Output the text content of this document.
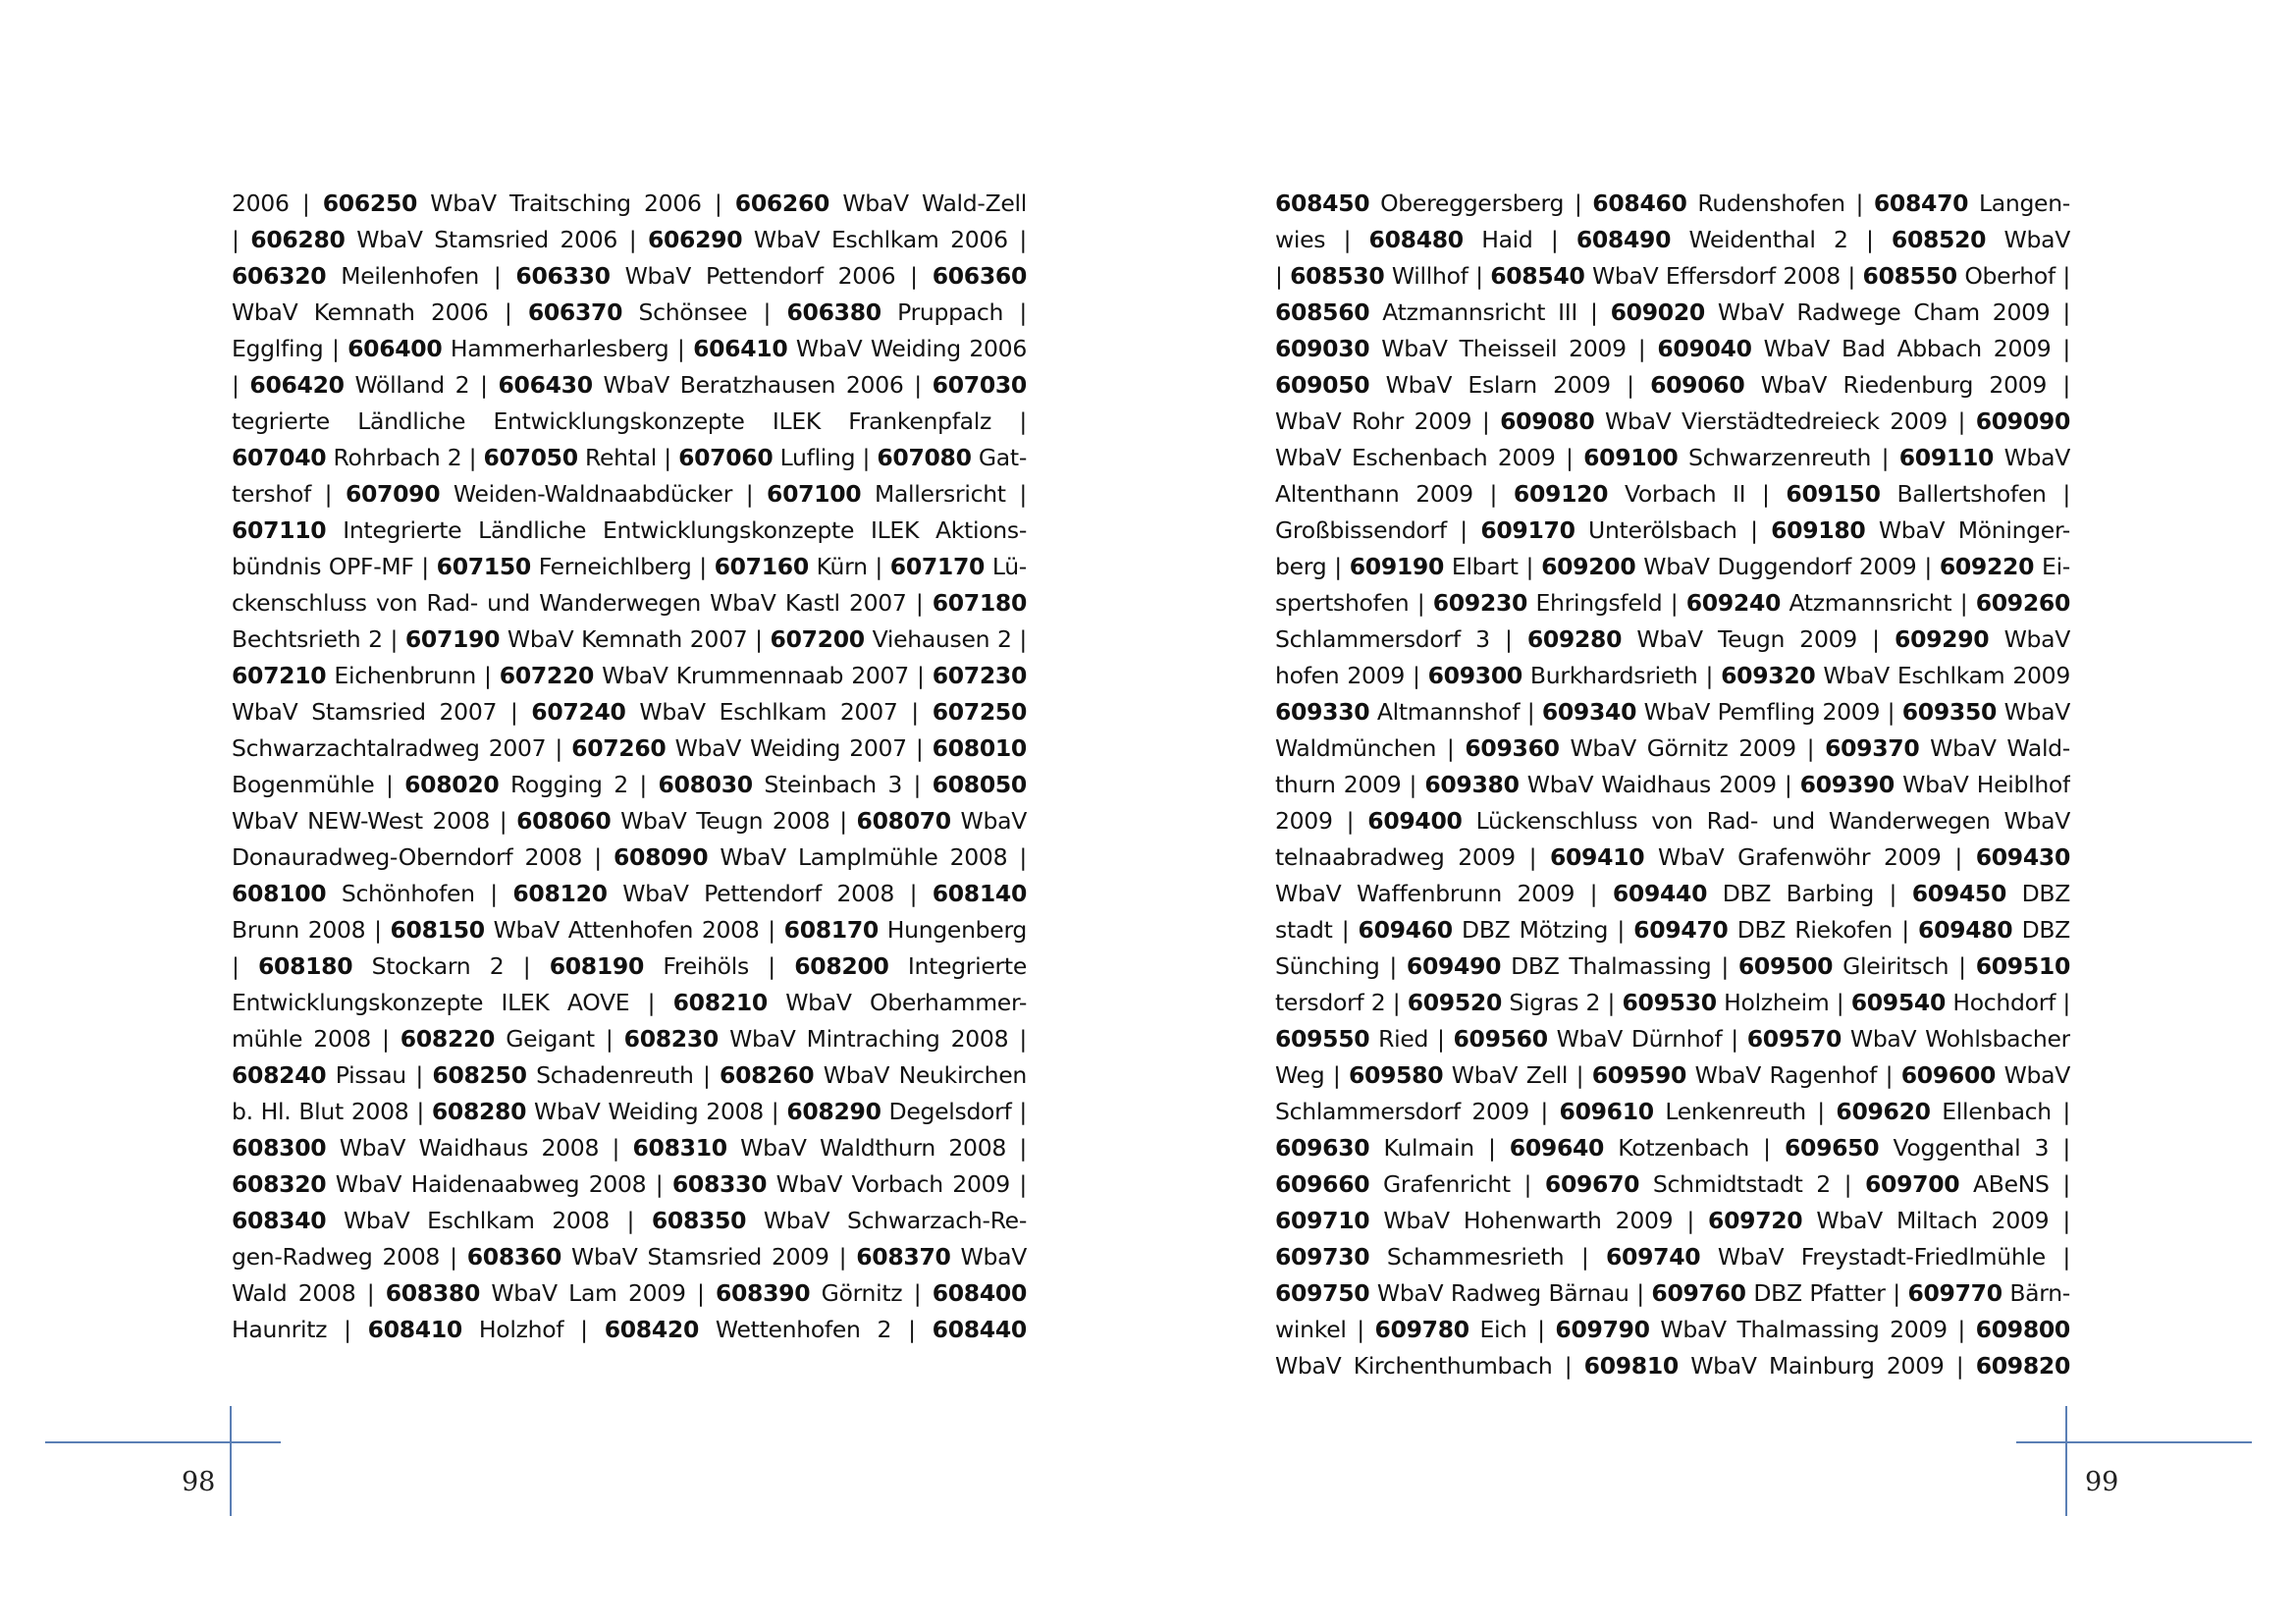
2006 | 606250 WbaV Traitsching 2006 | 606260 WbaV Wald-Zell
| 606280 WbaV Stamsried 2006 | 606290 WbaV Eschlkam 2006 |
606320 Meilenhofen | 606330 WbaV Pettendorf 2006 | 606360
WbaV Kemnath 2006 | 606370 Schönsee | 606380 Pruppach |
Egglfing | 606400 Hammerharlesberg | 606410 WbaV Weiding 2006
| 606420 Wölland 2 | 606430 WbaV Beratzhausen 2006 | 607030
tegrierte Ländliche Entwicklungskonzepte ILEK Frankenpfalz |
607040 Rohrbach 2 | 607050 Rehtal | 607060 Lufling | 607080 Gat-
tershof | 607090 Weiden-Waldnaabdücker | 607100 Mallersricht |
607110 Integrierte Ländliche Entwicklungskonzepte ILEK Aktions-
bündnis OPF-MF | 607150 Ferneichlberg | 607160 Kürn | 607170 Lü-
ckenschluss von Rad- und Wanderwegen WbaV Kastl 2007 | 607180
Bechtsrieth 2 | 607190 WbaV Kemnath 2007 | 607200 Viehausen 2 |
607210 Eichenbrunn | 607220 WbaV Krummennaab 2007 | 607230
WbaV Stamsried 2007 | 607240 WbaV Eschlkam 2007 | 607250
Schwarzachtalradweg 2007 | 607260 WbaV Weiding 2007 | 608010
Bogenmühle | 608020 Rogging 2 | 608030 Steinbach 3 | 608050
WbaV NEW-West 2008 | 608060 WbaV Teugn 2008 | 608070 WbaV
Donauradweg-Oberndorf 2008 | 608090 WbaV Lamplmühle 2008 |
608100 Schönhofen | 608120 WbaV Pettendorf 2008 | 608140
Brunn 2008 | 608150 WbaV Attenhofen 2008 | 608170 Hungenberg
| 608180 Stockarn 2 | 608190 Freihöls | 608200 Integrierte
Entwicklungskonzepte ILEK AOVE | 608210 WbaV Oberhammer-
mühle 2008 | 608220 Geigant | 608230 WbaV Mintraching 2008 |
608240 Pissau | 608250 Schadenreuth | 608260 WbaV Neukirchen
b. Hl. Blut 2008 | 608280 WbaV Weiding 2008 | 608290 Degelsdorf |
608300 WbaV Waidhaus 2008 | 608310 WbaV Waldthurn 2008 |
608320 WbaV Haidenaabweg 2008 | 608330 WbaV Vorbach 2009 |
608340 WbaV Eschlkam 2008 | 608350 WbaV Schwarzach-Re-
gen-Radweg 2008 | 608360 WbaV Stamsried 2009 | 608370 WbaV
Wald 2008 | 608380 WbaV Lam 2009 | 608390 Görnitz | 608400
Haunritz | 608410 Holzhof | 608420 Wettenhofen 2 | 608440
608450 Obereggersberg | 608460 Rudenshofen | 608470 Langen-
wies | 608480 Haid | 608490 Weidenthal 2 | 608520 WbaV
| 608530 Willhof | 608540 WbaV Effersdorf 2008 | 608550 Oberhof |
608560 Atzmannsricht III | 609020 WbaV Radwege Cham 2009 |
609030 WbaV Theisseil 2009 | 609040 WbaV Bad Abbach 2009 |
609050 WbaV Eslarn 2009 | 609060 WbaV Riedenburg 2009 |
WbaV Rohr 2009 | 609080 WbaV Vierstädtedreieck 2009 | 609090
WbaV Eschenbach 2009 | 609100 Schwarzenreuth | 609110 WbaV
Altenthann 2009 | 609120 Vorbach II | 609150 Ballertshofen |
Großbissendorf | 609170 Unterölsbach | 609180 WbaV Möninger-
berg | 609190 Elbart | 609200 WbaV Duggendorf 2009 | 609220 Ei-
spertshofen | 609230 Ehringsfeld | 609240 Atzmannsricht | 609260
Schlammersdorf 3 | 609280 WbaV Teugn 2009 | 609290 WbaV
hofen 2009 | 609300 Burkhardsrieth | 609320 WbaV Eschlkam 2009
609330 Altmannshof | 609340 WbaV Pemfling 2009 | 609350 WbaV
Waldmünchen | 609360 WbaV Görnitz 2009 | 609370 WbaV Wald-
thurn 2009 | 609380 WbaV Waidhaus 2009 | 609390 WbaV Heiblhof
2009 | 609400 Lückenschluss von Rad- und Wanderwegen WbaV
telnaabradweg 2009 | 609410 WbaV Grafenwöhr 2009 | 609430
WbaV Waffenbrunn 2009 | 609440 DBZ Barbing | 609450 DBZ
stadt | 609460 DBZ Mötzing | 609470 DBZ Riekofen | 609480 DBZ
Sünching | 609490 DBZ Thalmassing | 609500 Gleiritsch | 609510
tersdorf 2 | 609520 Sigras 2 | 609530 Holzheim | 609540 Hochdorf |
609550 Ried | 609560 WbaV Dürnhof | 609570 WbaV Wohlsbacher
Weg | 609580 WbaV Zell | 609590 WbaV Ragenhof | 609600 WbaV
Schlammersdorf 2009 | 609610 Lenkenreuth | 609620 Ellenbach |
609630 Kulmain | 609640 Kotzenbach | 609650 Voggenthal 3 |
609660 Grafenricht | 609670 Schmidtstadt 2 | 609700 ABeNS |
609710 WbaV Hohenwarth 2009 | 609720 WbaV Miltach 2009 |
609730 Schammesrieth | 609740 WbaV Freystadt-Friedlmühle |
609750 WbaV Radweg Bärnau | 609760 DBZ Pfatter | 609770 Bärn-
winkel | 609780 Eich | 609790 WbaV Thalmassing 2009 | 609800
WbaV Kirchenthumbach | 609810 WbaV Mainburg 2009 | 609820
98	99
